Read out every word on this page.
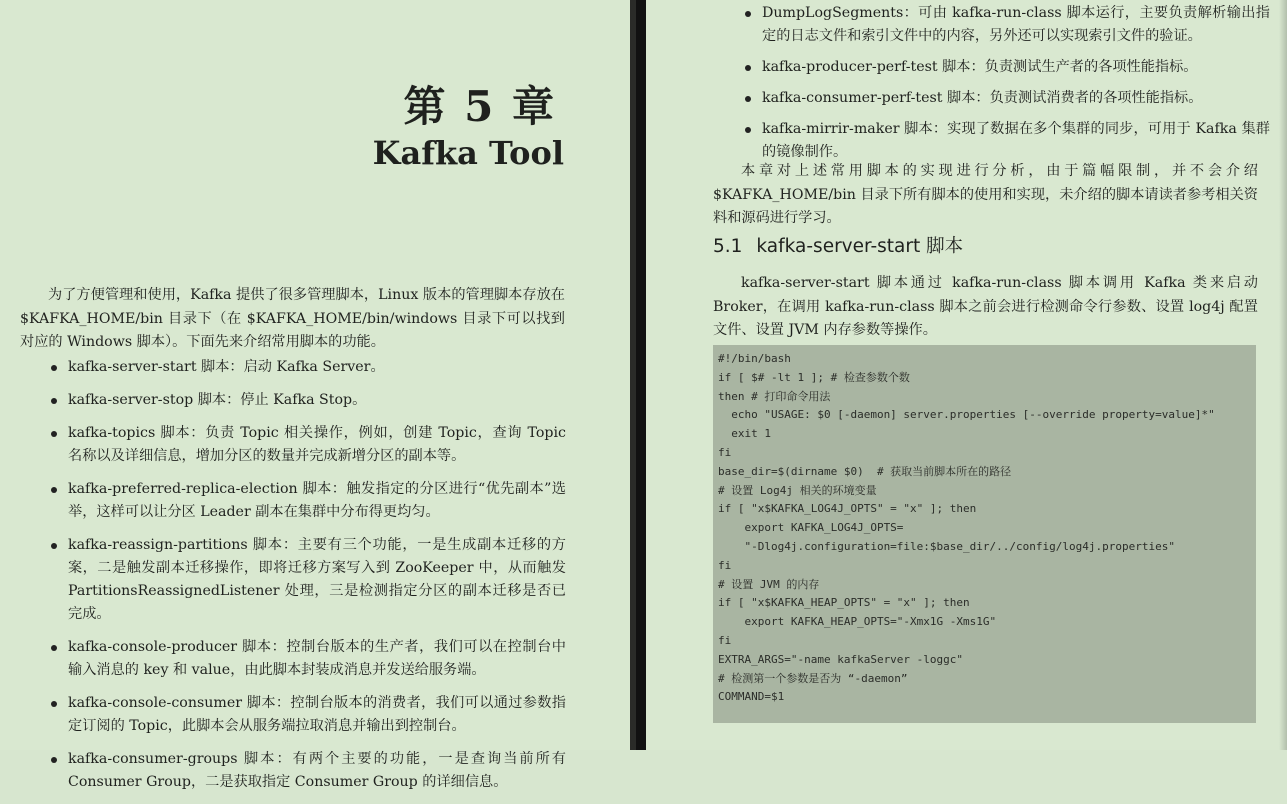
第 5 章
Kafka Tool
为了方便管理和使用，Kafka 提供了很多管理脚本，Linux 版本的管理脚本存放在 $KAFKA_HOME/bin 目录下（在 $KAFKA_HOME/bin/windows 目录下可以找到对应的 Windows 脚本）。下面先来介绍常用脚本的功能。
kafka-server-start 脚本：启动 Kafka Server。
kafka-server-stop 脚本：停止 Kafka Stop。
kafka-topics 脚本：负责 Topic 相关操作，例如，创建 Topic，查询 Topic 名称以及详细信息，增加分区的数量并完成新增分区的副本等。
kafka-preferred-replica-election 脚本：触发指定的分区进行“优先副本”选举，这样可以让分区 Leader 副本在集群中分布得更均匀。
kafka-reassign-partitions 脚本：主要有三个功能，一是生成副本迁移的方案，二是触发副本迁移操作，即将迁移方案写入到 ZooKeeper 中，从而触发 PartitionsReassignedListener 处理，三是检测指定分区的副本迁移是否已完成。
kafka-console-producer 脚本：控制台版本的生产者，我们可以在控制台中输入消息的 key 和 value，由此脚本封装成消息并发送给服务端。
kafka-console-consumer 脚本：控制台版本的消费者，我们可以通过参数指定订阅的 Topic，此脚本会从服务端拉取消息并输出到控制台。
kafka-consumer-groups 脚本：有两个主要的功能，一是查询当前所有 Consumer Group，二是获取指定 Consumer Group 的详细信息。
DumpLogSegments：可由 kafka-run-class 脚本运行，主要负责解析输出指定的日志文件和索引文件中的内容，另外还可以实现索引文件的验证。
kafka-producer-perf-test 脚本：负责测试生产者的各项性能指标。
kafka-consumer-perf-test 脚本：负责测试消费者的各项性能指标。
kafka-mirrir-maker 脚本：实现了数据在多个集群的同步，可用于 Kafka 集群的镜像制作。
本章对上述常用脚本的实现进行分析，由于篇幅限制，并不会介绍 $KAFKA_HOME/bin 目录下所有脚本的使用和实现，未介绍的脚本请读者参考相关资料和源码进行学习。
5.1 kafka-server-start 脚本
kafka-server-start 脚本通过 kafka-run-class 脚本调用 Kafka 类来启动 Broker，在调用 kafka-run-class 脚本之前会进行检测命令行参数、设置 log4j 配置文件、设置 JVM 内存参数等操作。
#!/bin/bash
if [ $# -lt 1 ]; # 检查参数个数
then # 打印命令用法
echo "USAGE: $0 [-daemon] server.properties [--override property=value]*"
exit 1
fi
base_dir=$(dirname $0)  # 获取当前脚本所在的路径
# 设置 Log4j 相关的环境变量
if [ "x$KAFKA_LOG4J_OPTS" = "x" ]; then
export KAFKA_LOG4J_OPTS=
"-Dlog4j.configuration=file:$base_dir/../config/log4j.properties"
fi
# 设置 JVM 的内存
if [ "x$KAFKA_HEAP_OPTS" = "x" ]; then
export KAFKA_HEAP_OPTS="-Xmx1G -Xms1G"
fi
EXTRA_ARGS="-name kafkaServer -loggc"
# 检测第一个参数是否为 “-daemon”
COMMAND=$1
